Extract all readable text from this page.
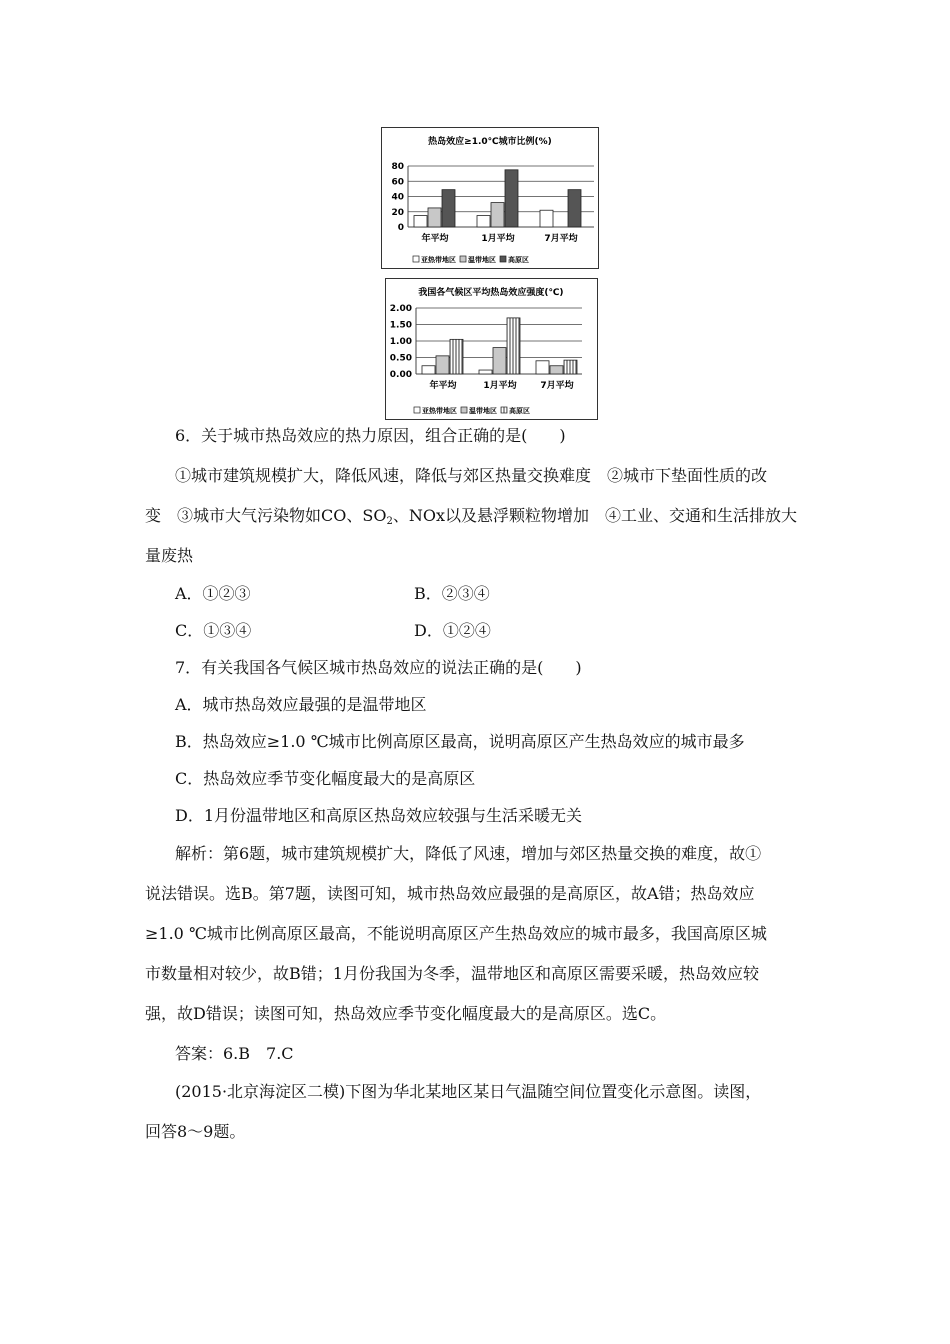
热岛效应≥1.0℃城市比例(%)
80
60
40
20
0
年平均	1月平均	7月平均
亚热带地区 温带地区 高原区
我国各气候区平均热岛效应强度(℃)
2.00
1.50
1.00
0.50
0.00
年平均	1月平均	7月平均
亚热带地区 温带地区 高原区
6．关于城市热岛效应的热力原因，组合正确的是(　　)
①城市建筑规模扩大，降低风速，降低与郊区热量交换难度　②城市下垫面性质的改
变　③城市大气污染物如CO、$SO_2$、NOx以及悬浮颗粒物增加　④工业、交通和生活排放大
量废热
A．①②③	B．②③④
C．①③④	D．①②④
7．有关我国各气候区城市热岛效应的说法正确的是(　　)
A．城市热岛效应最强的是温带地区
B．热岛效应≥1.0 ℃城市比例高原区最高，说明高原区产生热岛效应的城市最多
C．热岛效应季节变化幅度最大的是高原区
D．1月份温带地区和高原区热岛效应较强与生活采暖无关
解析：第6题，城市建筑规模扩大，降低了风速，增加与郊区热量交换的难度，故①
说法错误。选B。第7题，读图可知，城市热岛效应最强的是高原区，故A错；热岛效应
≥1.0 ℃城市比例高原区最高，不能说明高原区产生热岛效应的城市最多，我国高原区城
市数量相对较少，故B错；1月份我国为冬季，温带地区和高原区需要采暖，热岛效应较
强，故D错误；读图可知，热岛效应季节变化幅度最大的是高原区。选C。
答案：6.B　7.C
(2015·北京海淀区二模)下图为华北某地区某日气温随空间位置变化示意图。读图，
回答8～9题。
